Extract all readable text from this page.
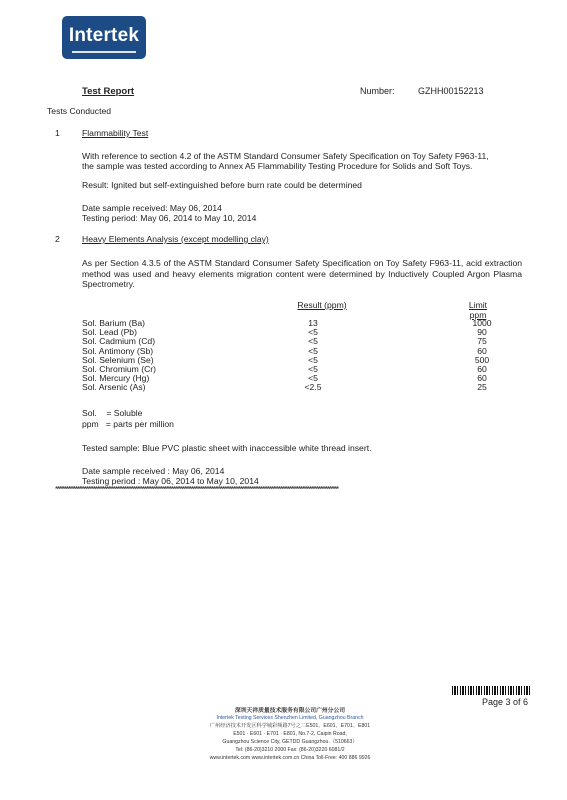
Intertek
Test Report	Number:	GZHH00152213
Tests Conducted
1	Flammability Test
With reference to section 4.2 of the ASTM Standard Consumer Safety Specification on Toy Safety F963-11,
the sample was tested according to Annex A5 Flammability Testing Procedure for Solids and Soft Toys.
Result: Ignited but self-extinguished before burn rate could be determined
Date sample received: May 06, 2014
Testing period: May 06, 2014 to May 10, 2014
2	Heavy Elements Analysis (except modelling clay)
As per Section 4.3.5 of the ASTM Standard Consumer Safety Specification on Toy Safety F963-11, acid extraction method was used and heavy elements migration content were determined by Inductively Coupled Argon Plasma Spectrometry.
Result (ppm)	Limit
ppm
Sol. Barium (Ba)	13		1000
Sol. Lead (Pb)	<5		90
Sol. Cadmium (Cd)	<5		75
Sol. Antimony (Sb)	<5		60
Sol. Selenium (Se)	<5		500
Sol. Chromium (Cr)	<5		60
Sol. Mercury (Hg)	<5		60
Sol. Arsenic (As)	<2.5		25
Sol.    = Soluble
ppm   = parts per million
Tested sample: Blue PVC plastic sheet with inaccessible white thread insert.
Date sample received : May 06, 2014
Testing period : May 06, 2014 to May 10, 2014
************************************************************************************************************************************************************
Page 3 of 6
深圳天祥质量技术服务有限公司广州分公司
Intertek Testing Services Shenzhen Limited, Guangzhou Branch
广州经济技术开发区科学城彩频路7号之二E501、E601、E701、E801
E501 · E601 · E701 · E801, No.7-2, Caipin Road,
Guangzhou Science City, GETDD Guangzhou.（510663）
Tel: (86-20)3210 2000 Fax: (86-20)3220 6081/2
www.intertek.com www.intertek.com.cn China Toll-Free: 400 886 9926
